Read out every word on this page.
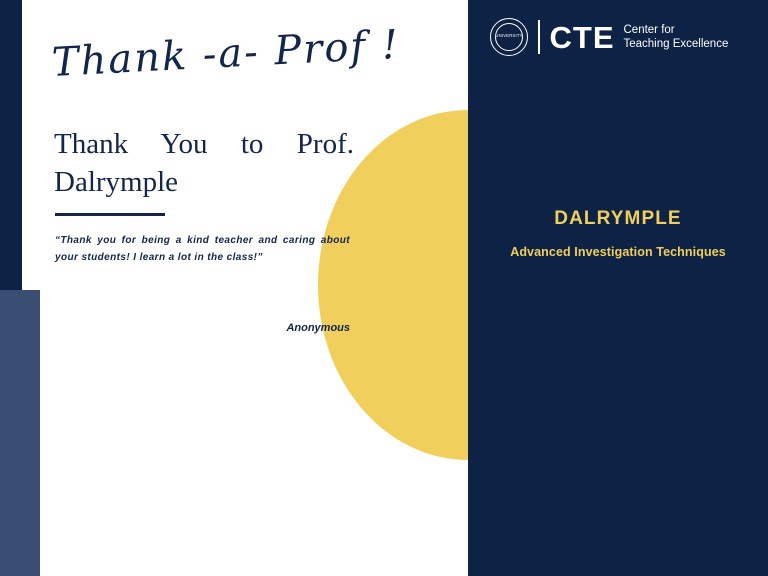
UNIVERSITY CTE Center for
Teaching Excellence
DALRYMPLE
Advanced Investigation Techniques
Thank -a- Prof !
Thank You to Prof. Dalrymple
“Thank you for being a kind teacher and caring about your students! I learn a lot in the class!”
Anonymous
